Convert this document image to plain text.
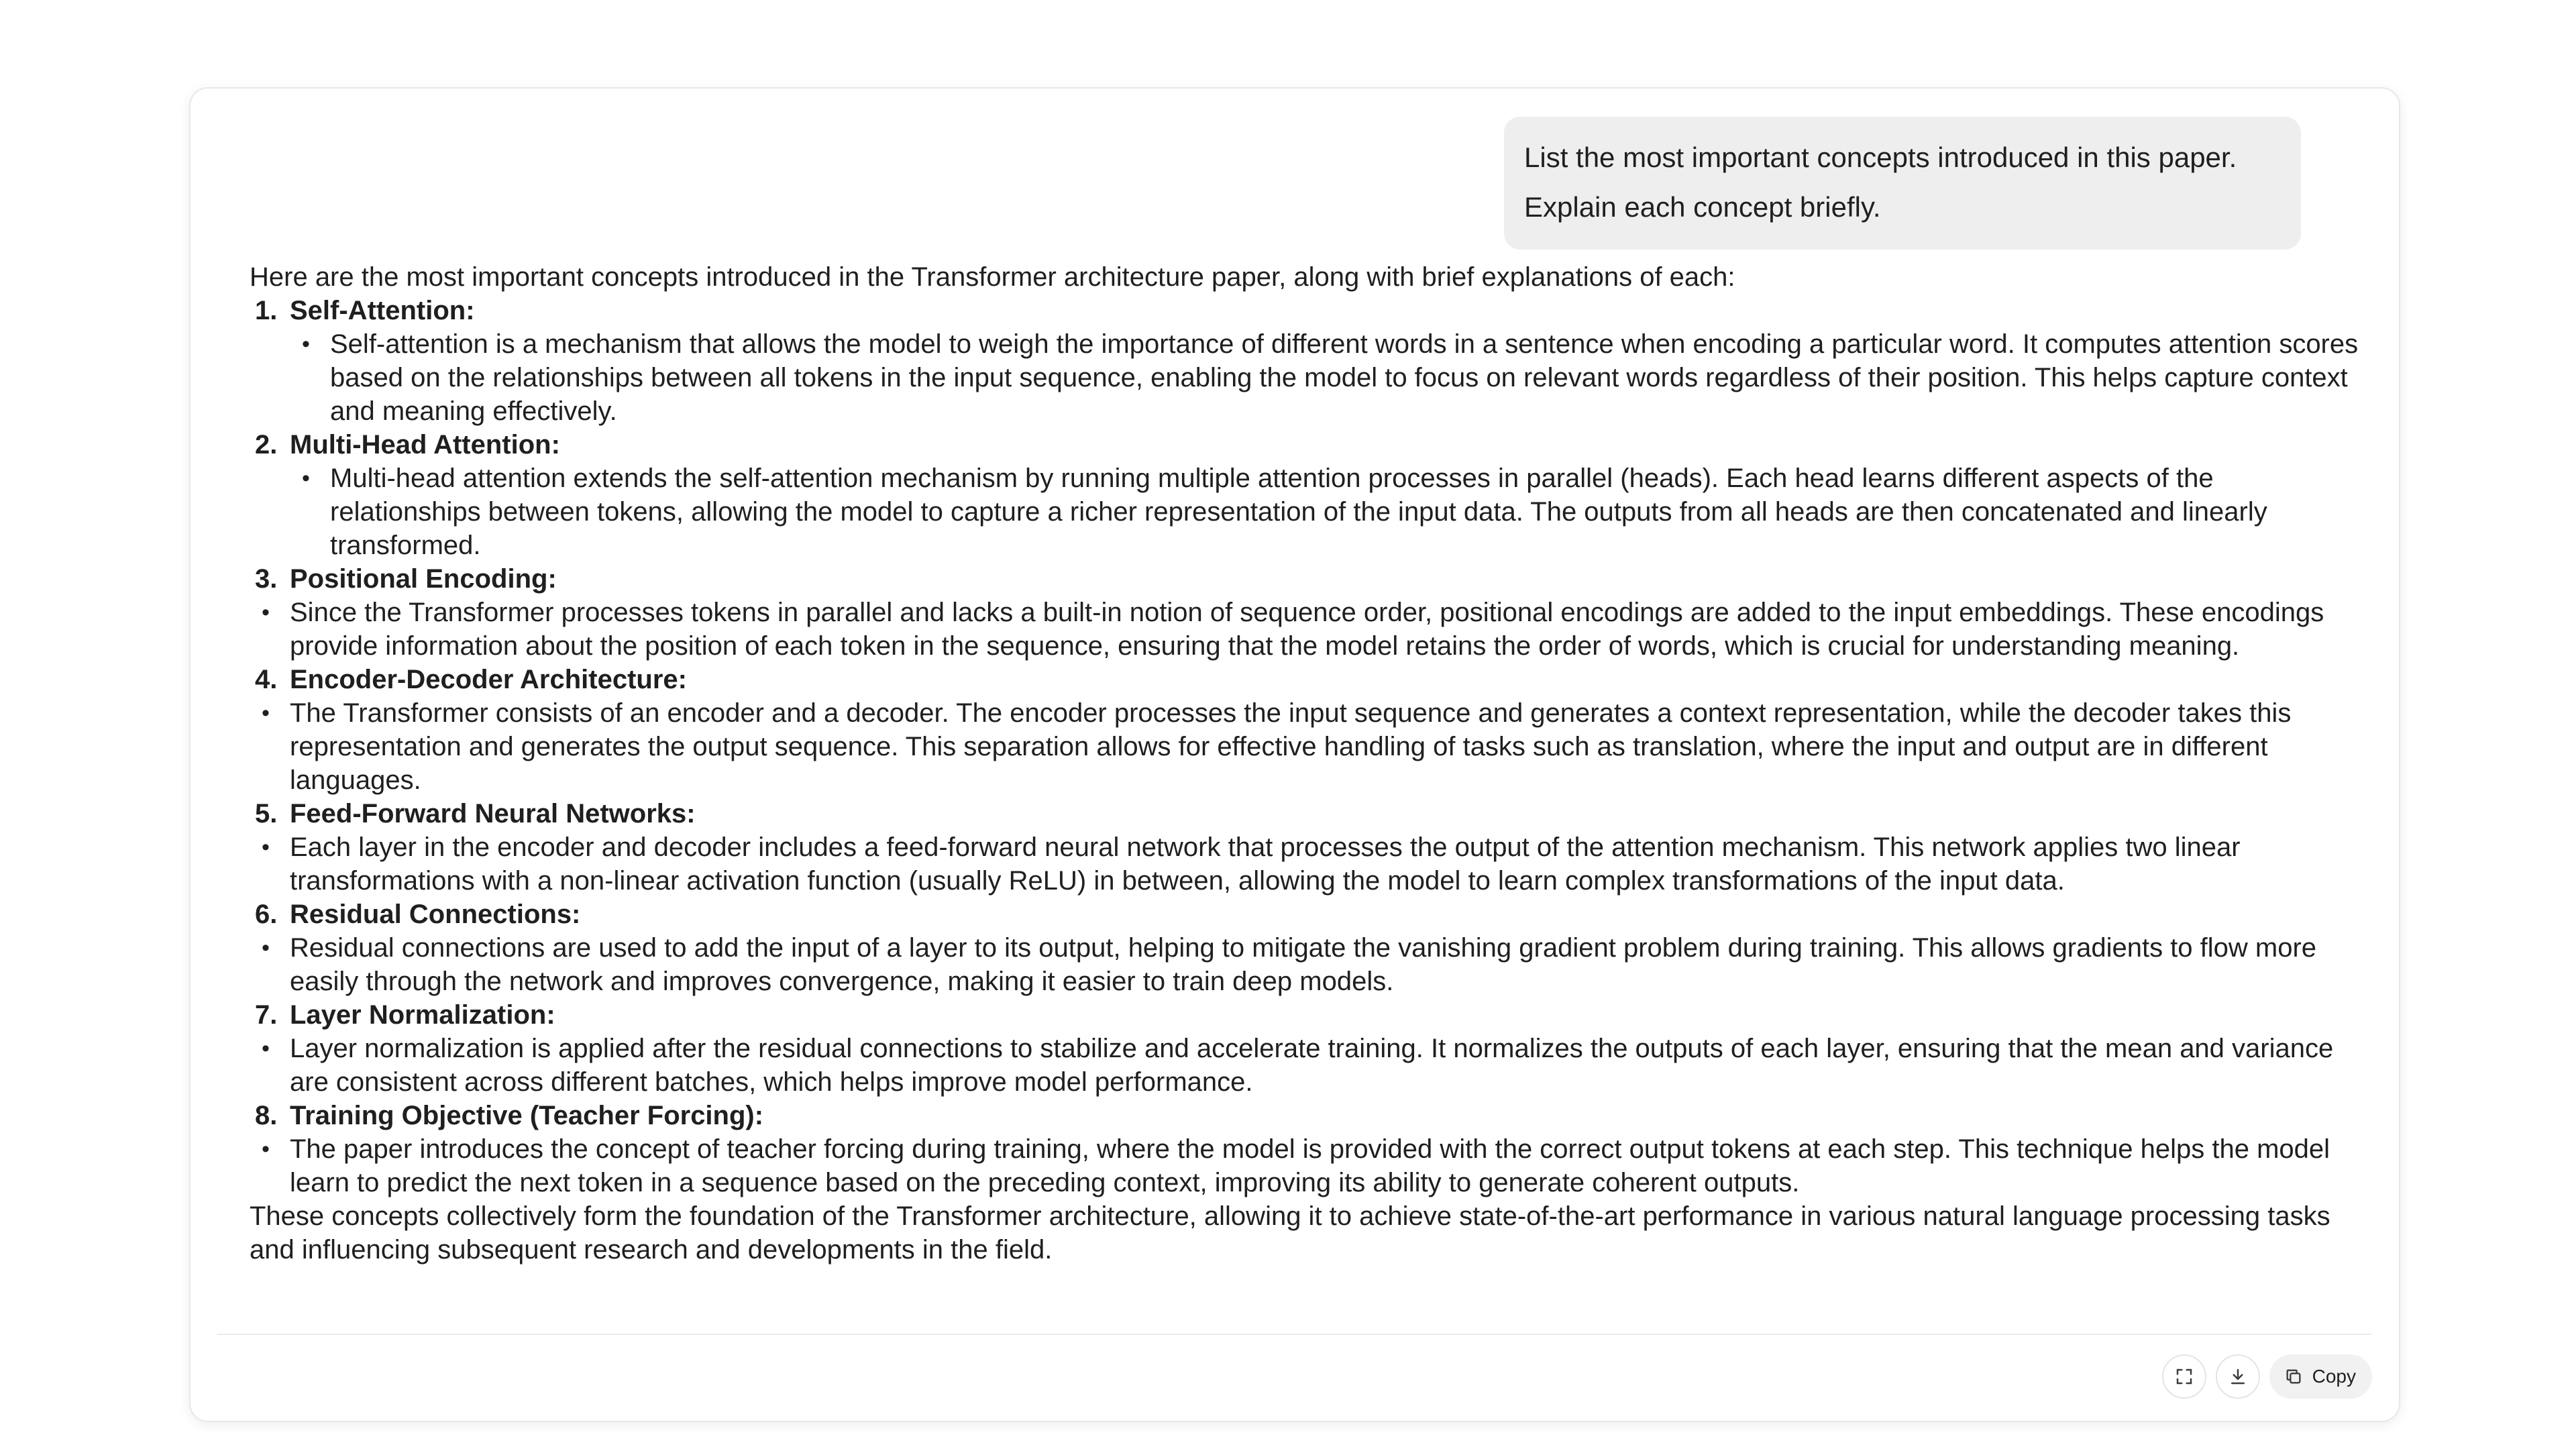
List the most important concepts introduced in this paper.

Explain each concept briefly.

Here are the most important concepts introduced in the Transformer architecture paper, along with brief explanations of each:

1. Self-Attention:
• Self-attention is a mechanism that allows the model to weigh the importance of different words in a sentence when encoding a particular word. It computes attention scores based on the relationships between all tokens in the input sequence, enabling the model to focus on relevant words regardless of their position. This helps capture context and meaning effectively.
2. Multi-Head Attention:
• Multi-head attention extends the self-attention mechanism by running multiple attention processes in parallel (heads). Each head learns different aspects of the relationships between tokens, allowing the model to capture a richer representation of the input data. The outputs from all heads are then concatenated and linearly transformed.
3. Positional Encoding:
• Since the Transformer processes tokens in parallel and lacks a built-in notion of sequence order, positional encodings are added to the input embeddings. These encodings provide information about the position of each token in the sequence, ensuring that the model retains the order of words, which is crucial for understanding meaning.
4. Encoder-Decoder Architecture:
• The Transformer consists of an encoder and a decoder. The encoder processes the input sequence and generates a context representation, while the decoder takes this representation and generates the output sequence. This separation allows for effective handling of tasks such as translation, where the input and output are in different languages.
5. Feed-Forward Neural Networks:
• Each layer in the encoder and decoder includes a feed-forward neural network that processes the output of the attention mechanism. This network applies two linear transformations with a non-linear activation function (usually ReLU) in between, allowing the model to learn complex transformations of the input data.
6. Residual Connections:
• Residual connections are used to add the input of a layer to its output, helping to mitigate the vanishing gradient problem during training. This allows gradients to flow more easily through the network and improves convergence, making it easier to train deep models.
7. Layer Normalization:
• Layer normalization is applied after the residual connections to stabilize and accelerate training. It normalizes the outputs of each layer, ensuring that the mean and variance are consistent across different batches, which helps improve model performance.
8. Training Objective (Teacher Forcing):
• The paper introduces the concept of teacher forcing during training, where the model is provided with the correct output tokens at each step. This technique helps the model learn to predict the next token in a sequence based on the preceding context, improving its ability to generate coherent outputs.

These concepts collectively form the foundation of the Transformer architecture, allowing it to achieve state-of-the-art performance in various natural language processing tasks and influencing subsequent research and developments in the field.

Copy
